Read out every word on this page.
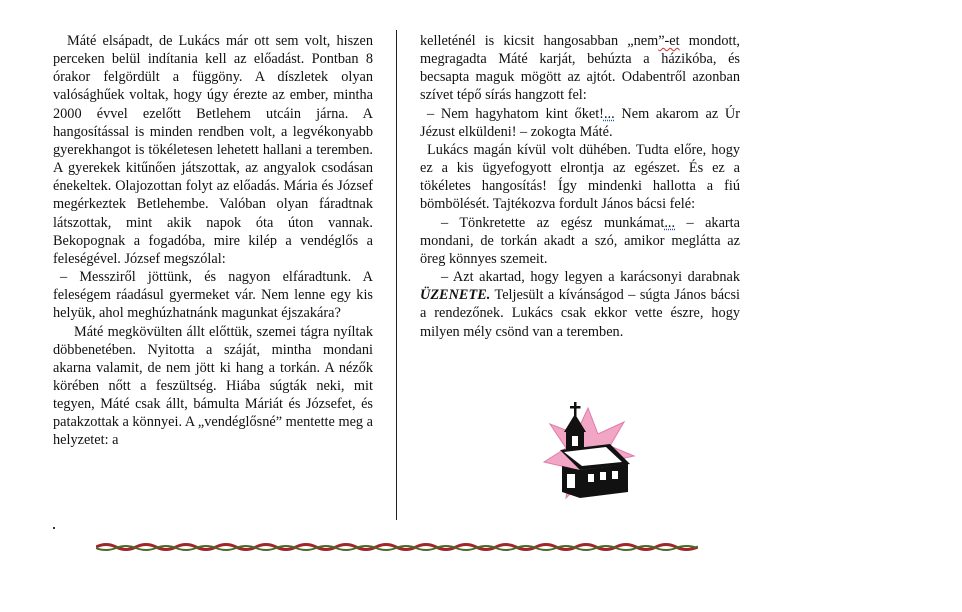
Máté elsápadt, de Lukács már ott sem volt, hiszen perceken belül indítania kell az előadást. Pontban 8 órakor felgördült a függöny. A díszletek olyan valósághűek voltak, hogy úgy érezte az ember, mintha 2000 évvel ezelőtt Betlehem utcáin járna. A hangosítással is minden rendben volt, a legvékonyabb gyerekhangot is tökéletesen lehetett hallani a teremben. A gyerekek kitűnően játszottak, az angyalok csodásan énekeltek. Olajozottan folyt az előadás. Mária és József megérkeztek Betlehembe. Valóban olyan fáradtnak látszottak, mint akik napok óta úton vannak. Bekopognak a fogadóba, mire kilép a vendéglős a feleségével. József megszólal:

– Messziről jöttünk, és nagyon elfáradtunk. A feleségem ráadásul gyermeket vár. Nem lenne egy kis helyük, ahol meghúzhatnánk magunkat éjszakára?

Máté megkövülten állt előttük, szemei tágra nyíltak döbbenetében. Nyitotta a száját, mintha mondani akarna valamit, de nem jött ki hang a torkán. A nézők körében nőtt a feszültség. Hiába súgták neki, mit tegyen, Máté csak állt, bámulta Máriát és Józsefet, és patakzottak a könnyei. A „vendéglősné” mentette meg a helyzetet: a

kelleténél is kicsit hangosabban „nem”-et mondott, megragadta Máté karját, behúzta a házikóba, és becsapta maguk mögött az ajtót. Odabentről azonban szívet tépő sírás hangzott fel:

– Nem hagyhatom kint őket!... Nem akarom az Úr Jézust elküldeni! – zokogta Máté.

Lukács magán kívül volt dühében. Tudta előre, hogy ez a kis ügyefogyott elrontja az egészet. És ez a tökéletes hangosítás! Így mindenki hallotta a fiú bömbölését. Tajtékozva fordult János bácsi felé:

– Tönkretette az egész munkámat... – akarta mondani, de torkán akadt a szó, amikor meglátta az öreg könnyes szemeit.

– Azt akartad, hogy legyen a karácsonyi darabnak ÜZENETE. Teljesült a kívánságod – súgta János bácsi a rendezőnek. Lukács csak ekkor vette észre, hogy milyen mély csönd van a teremben.
